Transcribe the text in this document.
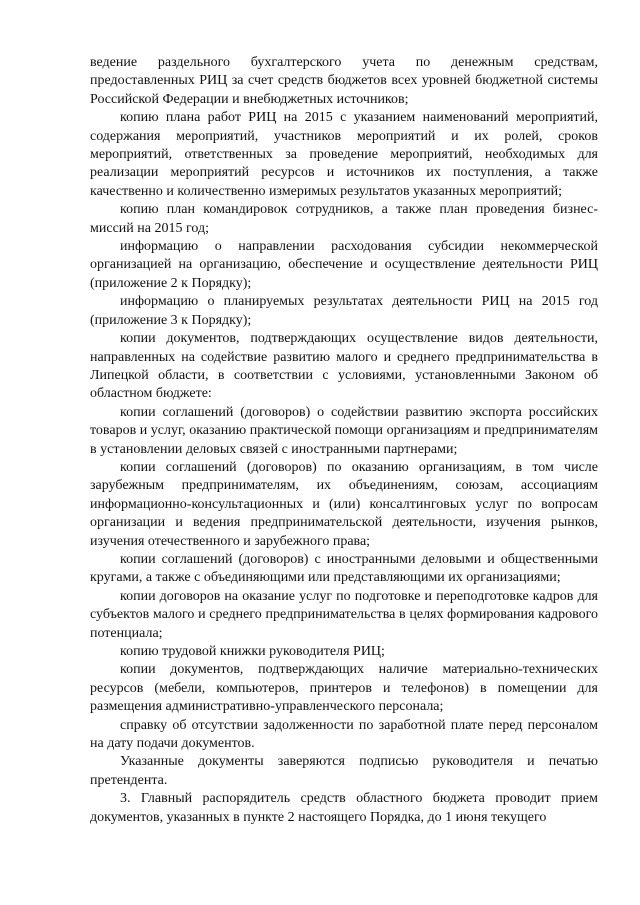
ведение раздельного бухгалтерского учета по денежным средствам, предоставленных РИЦ за счет средств бюджетов всех уровней бюджетной системы Российской Федерации и внебюджетных источников;

копию плана работ РИЦ на 2015 с указанием наименований мероприятий, содержания мероприятий, участников мероприятий и их ролей, сроков мероприятий, ответственных за проведение мероприятий, необходимых для реализации мероприятий ресурсов и источников их поступления, а также качественно и количественно измеримых результатов указанных мероприятий;

копию план командировок сотрудников, а также план проведения бизнес-миссий на 2015 год;

информацию о направлении расходования субсидии некоммерческой организацией на организацию, обеспечение и осуществление деятельности РИЦ (приложение 2 к Порядку);

информацию о планируемых результатах деятельности РИЦ на 2015 год (приложение 3 к Порядку);

копии документов, подтверждающих осуществление видов деятельности, направленных на содействие развитию малого и среднего предпринимательства в Липецкой области, в соответствии с условиями, установленными Законом об областном бюджете:

копии соглашений (договоров) о содействии развитию экспорта российских товаров и услуг, оказанию практической помощи организациям и предпринимателям в установлении деловых связей с иностранными партнерами;

копии соглашений (договоров) по оказанию организациям, в том числе зарубежным предпринимателям, их объединениям, союзам, ассоциациям информационно-консультационных и (или) консалтинговых услуг по вопросам организации и ведения предпринимательской деятельности, изучения рынков, изучения отечественного и зарубежного права;

копии соглашений (договоров) с иностранными деловыми и общественными кругами, а также с объединяющими или представляющими их организациями;

копии договоров на оказание услуг по подготовке и переподготовке кадров для субъектов малого и среднего предпринимательства в целях формирования кадрового потенциала;

копию трудовой книжки руководителя РИЦ;

копии документов, подтверждающих наличие материально-технических ресурсов (мебели, компьютеров, принтеров и телефонов) в помещении для размещения административно-управленческого персонала;

справку об отсутствии задолженности по заработной плате перед персоналом на дату подачи документов.

Указанные документы заверяются подписью руководителя и печатью претендента.

3. Главный распорядитель средств областного бюджета проводит прием документов, указанных в пункте 2 настоящего Порядка, до 1 июня текущего
